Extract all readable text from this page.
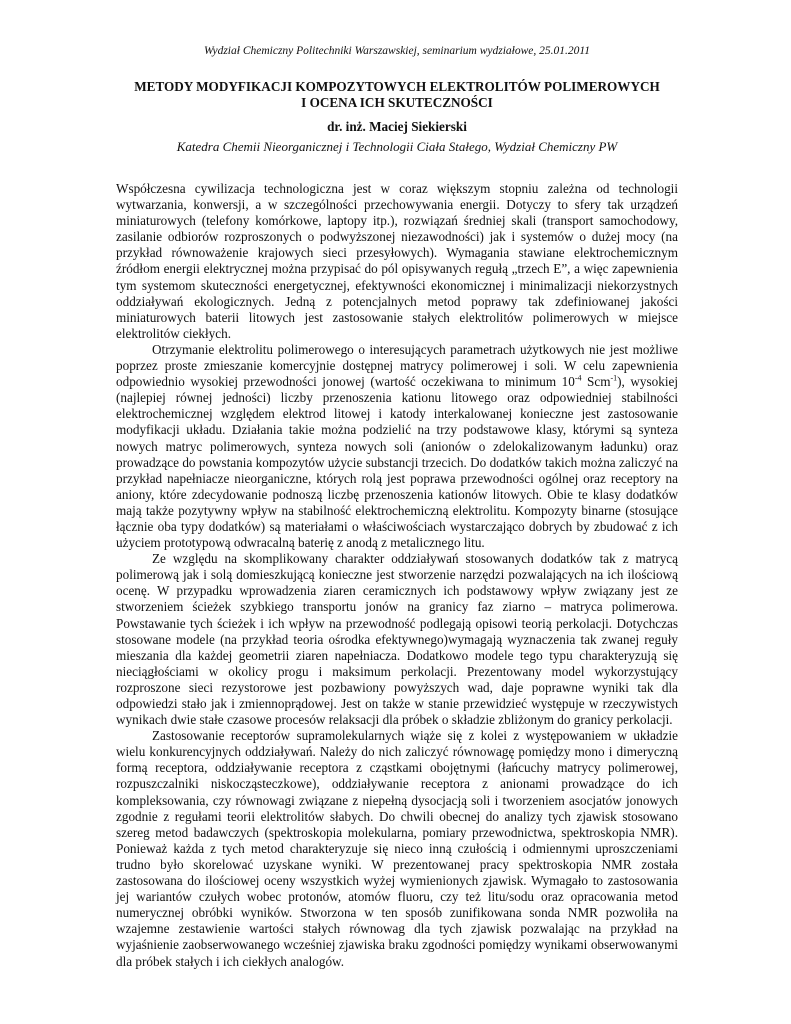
Wydział Chemiczny Politechniki Warszawskiej, seminarium wydziałowe, 25.01.2011

METODY MODYFIKACJI KOMPOZYTOWYCH ELEKTROLITÓW POLIMEROWYCH

I OCENA ICH SKUTECZNOŚCI

dr. inż. Maciej Siekierski

Katedra Chemii Nieorganicznej i Technologii Ciała Stałego, Wydział Chemiczny PW

Współczesna cywilizacja technologiczna jest w coraz większym stopniu zależna od technologii wytwarzania, konwersji, a w szczególności przechowywania energii. Dotyczy to sfery tak urządzeń miniaturowych (telefony komórkowe, laptopy itp.), rozwiązań średniej skali (transport samochodowy, zasilanie odbiorów rozproszonych o podwyższonej niezawodności) jak i systemów o dużej mocy (na przykład równoważenie krajowych sieci przesyłowych). Wymagania stawiane elektrochemicznym źródłom energii elektrycznej można przypisać do pól opisywanych regułą „trzech E”, a więc zapewnienia tym systemom skuteczności energetycznej, efektywności ekonomicznej i minimalizacji niekorzystnych oddziaływań ekologicznych. Jedną z potencjalnych metod poprawy tak zdefiniowanej jakości miniaturowych baterii litowych jest zastosowanie stałych elektrolitów polimerowych w miejsce elektrolitów ciekłych.

Otrzymanie elektrolitu polimerowego o interesujących parametrach użytkowych nie jest możliwe poprzez proste zmieszanie komercyjnie dostępnej matrycy polimerowej i soli. W celu zapewnienia odpowiednio wysokiej przewodności jonowej (wartość oczekiwana to minimum $10^{-4}$ Scm$^{-1}$), wysokiej (najlepiej równej jedności) liczby przenoszenia kationu litowego oraz odpowiedniej stabilności elektrochemicznej względem elektrod litowej i katody interkalowanej konieczne jest zastosowanie modyfikacji układu. Działania takie można podzielić na trzy podstawowe klasy, którymi są synteza nowych matryc polimerowych, synteza nowych soli (anionów o zdelokalizowanym ładunku) oraz prowadzące do powstania kompozytów użycie substancji trzecich. Do dodatków takich można zaliczyć na przykład napełniacze nieorganiczne, których rolą jest poprawa przewodności ogólnej oraz receptory na aniony, które zdecydowanie podnoszą liczbę przenoszenia kationów litowych. Obie te klasy dodatków mają także pozytywny wpływ na stabilność elektrochemiczną elektrolitu. Kompozyty binarne (stosujące łącznie oba typy dodatków) są materiałami o właściwościach wystarczająco dobrych by zbudować z ich użyciem prototypową odwracalną baterię z anodą z metalicznego litu.

Ze względu na skomplikowany charakter oddziaływań stosowanych dodatków tak z matrycą polimerową jak i solą domieszkującą konieczne jest stworzenie narzędzi pozwalających na ich ilościową ocenę. W przypadku wprowadzenia ziaren ceramicznych ich podstawowy wpływ związany jest ze stworzeniem ścieżek szybkiego transportu jonów na granicy faz ziarno – matryca polimerowa. Powstawanie tych ścieżek i ich wpływ na przewodność podlegają opisowi teorią perkolacji. Dotychczas stosowane modele (na przykład teoria ośrodka efektywnego)wymagają wyznaczenia tak zwanej reguły mieszania dla każdej geometrii ziaren napełniacza. Dodatkowo modele tego typu charakteryzują się nieciągłościami w okolicy progu i maksimum perkolacji. Prezentowany model wykorzystujący rozproszone sieci rezystorowe jest pozbawiony powyższych wad, daje poprawne wyniki tak dla odpowiedzi stało jak i zmiennoprądowej. Jest on także w stanie przewidzieć występuje w rzeczywistych wynikach dwie stałe czasowe procesów relaksacji dla próbek o składzie zbliżonym do granicy perkolacji.

Zastosowanie receptorów supramolekularnych wiąże się z kolei z występowaniem w układzie wielu konkurencyjnych oddziaływań. Należy do nich zaliczyć równowagę pomiędzy mono i dimeryczną formą receptora, oddziaływanie receptora z cząstkami obojętnymi (łańcuchy matrycy polimerowej, rozpuszczalniki niskocząsteczkowe), oddziaływanie receptora z anionami prowadzące do ich kompleksowania, czy równowagi związane z niepełną dysocjacją soli i tworzeniem asocjatów jonowych zgodnie z regułami teorii elektrolitów słabych. Do chwili obecnej do analizy tych zjawisk stosowano szereg metod badawczych (spektroskopia molekularna, pomiary przewodnictwa, spektroskopia NMR). Ponieważ każda z tych metod charakteryzuje się nieco inną czułością i odmiennymi uproszczeniami trudno było skorelować uzyskane wyniki. W prezentowanej pracy spektroskopia NMR została zastosowana do ilościowej oceny wszystkich wyżej wymienionych zjawisk. Wymagało to zastosowania jej wariantów czułych wobec protonów, atomów fluoru, czy też litu/sodu oraz opracowania metod numerycznej obróbki wyników. Stworzona w ten sposób zunifikowana sonda NMR pozwoliła na wzajemne zestawienie wartości stałych równowag dla tych zjawisk pozwalając na przykład na wyjaśnienie zaobserwowanego wcześniej zjawiska braku zgodności pomiędzy wynikami obserwowanymi dla próbek stałych i ich ciekłych analogów.
